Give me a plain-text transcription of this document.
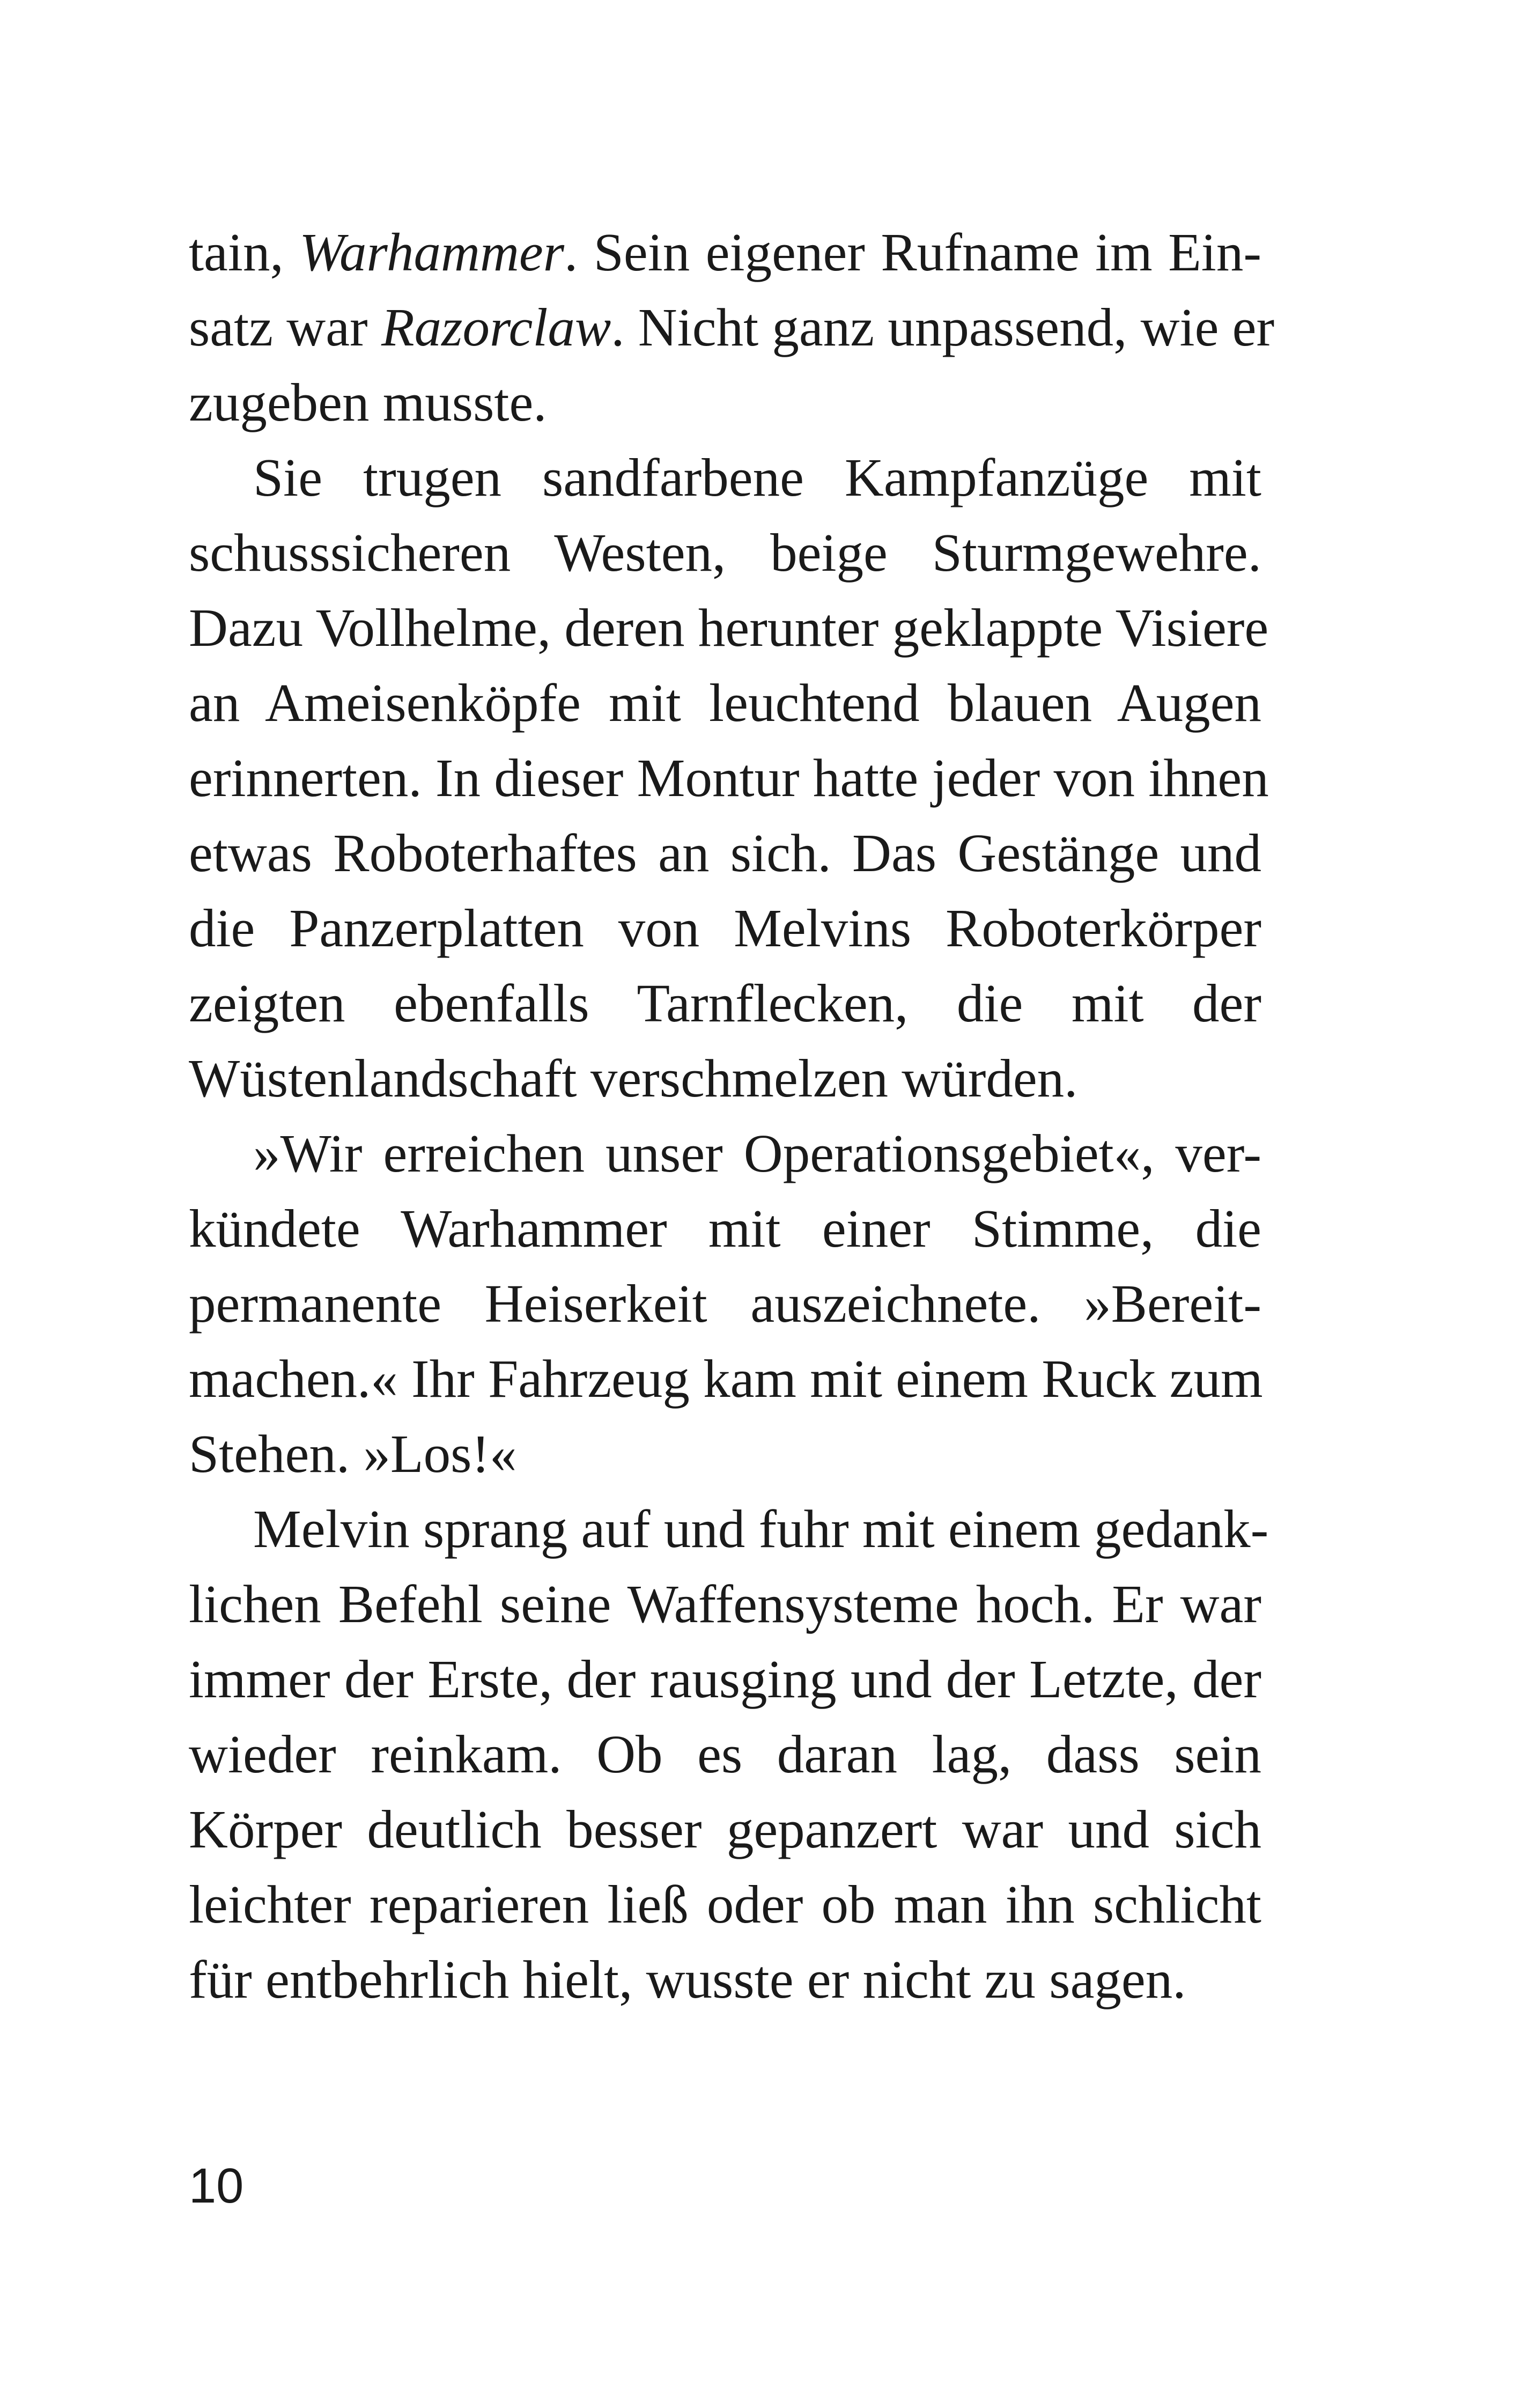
tain, Warhammer. Sein eigener Rufname im Ein-
satz war Razorclaw. Nicht ganz unpassend, wie er
zugeben musste.
Sie trugen sandfarbene Kampfanzüge mit
schusssicheren Westen, beige Sturmgewehre.
Dazu Vollhelme, deren herunter geklappte Visiere
an Ameisenköpfe mit leuchtend blauen Augen
erinnerten. In dieser Montur hatte jeder von ihnen
etwas Roboterhaftes an sich. Das Gestänge und
die Panzerplatten von Melvins Roboterkörper
zeigten ebenfalls Tarnflecken, die mit der
Wüstenlandschaft verschmelzen würden.
»Wir erreichen unser Operationsgebiet«, ver-
kündete Warhammer mit einer Stimme, die
permanente Heiserkeit auszeichnete. »Bereit-
machen.« Ihr Fahrzeug kam mit einem Ruck zum
Stehen. »Los!«
Melvin sprang auf und fuhr mit einem gedank-
lichen Befehl seine Waffensysteme hoch. Er war
immer der Erste, der rausging und der Letzte, der
wieder reinkam. Ob es daran lag, dass sein
Körper deutlich besser gepanzert war und sich
leichter reparieren ließ oder ob man ihn schlicht
für entbehrlich hielt, wusste er nicht zu sagen.
10
